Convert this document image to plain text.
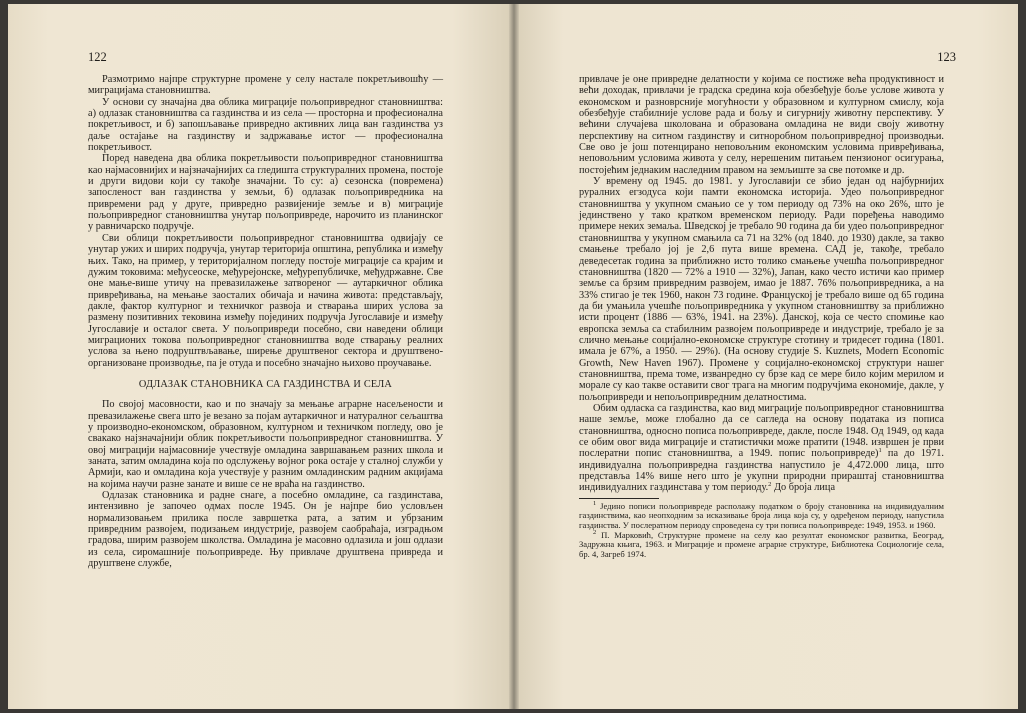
122

Размотримо најпре структурне промене у селу настале покретљивошћу — миграцијама становништва.

У основи су значајна два облика миграције пољопривредног становништва: а) одлазак становништва са газдинства и из села — просторна и професионална покретљивост, и б) запошљавање привредно активних лица ван газдинства уз даље остајање на газдинству и задржавање истог — професионална покретљивост.

Поред наведена два облика покретљивости пољопривредног становништва као најмасовнијих и најзначајнијих са гледишта структуралних промена, постоје и други видови који су такође значајни. То су: а) сезонска (повремена) запосленост ван газдинства у земљи, б) одлазак пољопривредника на привремени рад у друге, привредно развијеније земље и в) миграције пољопривредног становништва унутар пољопривреде, нарочито из планинског у равничарско подручје.

Сви облици покретљивости пољопривредног становништва одвијају се унутар ужих и ширих подручја, унутар територија општина, република и између њих. Тако, на пример, у територијалном погледу постоје миграције са крајим и дужим токовима: међусеоске, међурејонске, међурепубличке, међудржавне. Све оне мање-више утичу на превазилажење затвореног — аутаркичног облика привређивања, на мењање заосталих обичаја и начина живота: представљају, дакле, фактор културног и техничког развоја и стварања ширих услова за размену позитивних тековина између појединих подручја Југославије и између Југославије и осталог света. У пољопривреди посебно, сви наведени облици миграционих токова пољопривредног становништва воде стварању реалних услова за њено подруштвљавање, ширење друштвеног сектора и друштвено-организоване производње, па је отуда и посебно значајно њихово проучавање.

ОДЛАЗАК СТАНОВНИКА СА ГАЗДИНСТВА И СЕЛА

По својој масовности, као и по значају за мењање аграрне насељености и превазилажење свега што је везано за појам аутаркичног и натуралног сељаштва у производно-економском, образовном, културном и техничком погледу, ово је свакако најзначајнији облик покретљивости пољопривредног становништва. У овој миграцији најмасовније учествује омладина завршавањем разних школа и заната, затим омладина која по одслужењу војног рока остаје у сталној служби у Армији, као и омладина која учествује у разним омладинским радним акцијама на којима научи разне занате и више се не враћа на газдинство.

Одлазак становника и радне снаге, а посебно омладине, са газдинстава, интензивно је започео одмах после 1945. Он је најпре био условљен нормализовањем прилика после завршетка рата, а затим и убрзаним привредним развојем, подизањем индустрије, развојем саобраћаја, изградњом градова, ширим развојем школства. Омладина је масовно одлазила и још одлази из села, сиромашније пољопривреде. Њу привлаче друштвена привреда и друштвене службе,

123

привлаче је оне привредне делатности у којима се постиже већа продуктивност и већи доходак, привлачи је градска средина која обезбеђује боље услове живота у економском и разноврсније могућности у образовном и културном смислу, која обезбеђује стабилније услове рада и бољу и сигурнију животну перспективу. У већини случајева школована и образована омладина не види своју животну перспективу на ситном газдинству и ситноробном пољопривредној производњи. Све ово је још потенцирано неповољним економским условима привређивања, неповољним условима живота у селу, нерешеним питањем пензионог осигурања, постојећим једнаким наследним правом на земљиште за све потомке и др.

У времену од 1945. до 1981. у Југославији се збио један од најбурнијих руралних егзодуса који памти економска историја. Удео пољопривредног становништва у укупном смањио се у том периоду од 73% на око 26%, што је јединствено у тако кратком временском периоду. Ради поређења наводимо примере неких земаља. Шведској је требало 90 година да би удео пољопривредног становништва у укупном смањила са 71 на 32% (од 1840. до 1930) дакле, за такво смањење требало јој је 2,6 пута више времена. САД је, такође, требало деведесетак година за приближно исто толико смањење учешћа пољопривредног становништва (1820 — 72% а 1910 — 32%), Јапан, како често истичи као пример земље са брзим привредним развојем, имао је 1887. 76% пољопривредника, а на 33% стигао је тек 1960, након 73 године. Француској је требало више од 65 година да би умањила учешће пољопривредника у укупном становништву за приближно исти процент (1886 — 63%, 1941. на 23%). Данској, која се често спомиње као европска земља са стабилним развојем пољопривреде и индустрије, требало је за слично мењање социјално-економске структуре стотину и тридесет година (1801. имала је 67%, а 1950. — 29%). (На основу студије S. Kuznets, Modern Economic Growth, New Haven 1967). Промене у социјално-економској структури нашег становништва, према томе, изванредно су брзе кад се мере било којим мерилом и морале су као такве оставити свог трага на многим подручјима економије, дакле, у пољопривреди и непољопривредним делатностима.

Обим одласка са газдинства, као вид миграције пољопривредног становништва наше земље, може глобално да се сагледа на основу података из пописа становништва, односно пописа пољопривреде, дакле, после 1948. Од 1949, од када се обим овог вида миграције и статистички може пратити (1948. извршен је први послератни попис становништва, а 1949. попис пољопривреде)$^1$ па до 1971. индивидуална пољопривредна газдинства напустило је 4,472.000 лица, што представља 14% више него што је укупни природни прираштај становништва индивидуалних газдинстава у том периоду.$^2$ До броја лица

$^1$ Једино пописи пољопривреде располажу податком о броју становника на индивидуалним газдинствима, као неопходним за исказивање броја лица која су, у одређеном периоду, напустила газдинства. У послератном периоду спроведена су три пописа пољопривреде: 1949, 1953. и 1960.

$^2$ П. Марковић, Структурне промене на селу као резултат економског развитка, Београд, Задружна књига, 1963. и Миграције и промене аграрне структуре, Библиотека Социологије села, бр. 4, Загреб 1974.
